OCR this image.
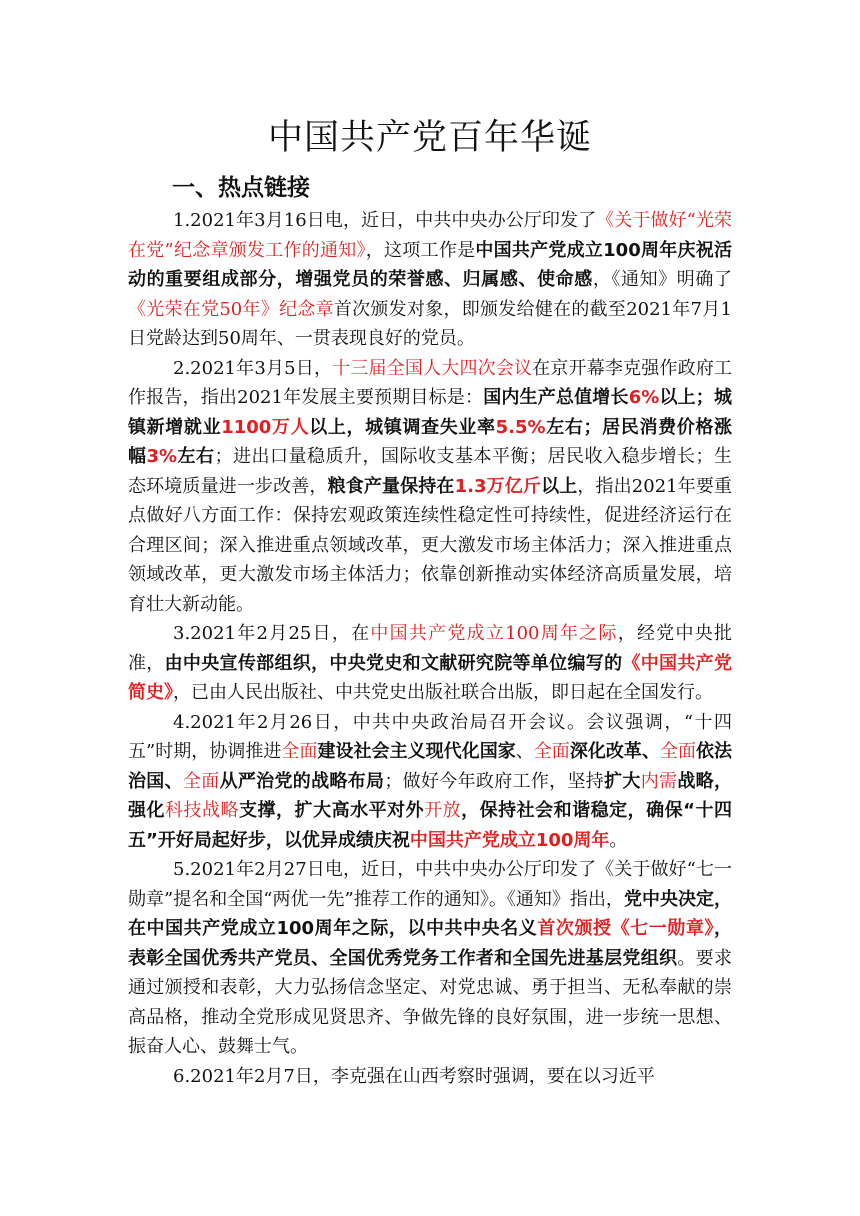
中国共产党百年华诞
一、热点链接

1.2021年3月16日电，近日，中共中央办公厅印发了《关于做好“光荣在党”纪念章颁发工作的通知》，这项工作是中国共产党成立100周年庆祝活动的重要组成部分，增强党员的荣誉感、归属感、使命感，《通知》明确了《光荣在党50年》纪念章首次颁发对象，即颁发给健在的截至2021年7月1日党龄达到50周年、一贯表现良好的党员。

2.2021年3月5日，十三届全国人大四次会议在京开幕李克强作政府工作报告，指出2021年发展主要预期目标是：国内生产总值增长6%以上；城镇新增就业1100万人以上，城镇调查失业率5.5%左右；居民消费价格涨幅3%左右；进出口量稳质升，国际收支基本平衡；居民收入稳步增长；生态环境质量进一步改善，粮食产量保持在1.3万亿斤以上，指出2021年要重点做好八方面工作：保持宏观政策连续性稳定性可持续性，促进经济运行在合理区间；深入推进重点领域改革，更大激发市场主体活力；深入推进重点领域改革，更大激发市场主体活力；依靠创新推动实体经济高质量发展，培育壮大新动能。

3.2021年2月25日，在中国共产党成立100周年之际，经党中央批准，由中央宣传部组织，中央党史和文献研究院等单位编写的《中国共产党简史》，已由人民出版社、中共党史出版社联合出版，即日起在全国发行。

4.2021年2月26日，中共中央政治局召开会议。会议强调，“十四五”时期，协调推进全面建设社会主义现代化国家、全面深化改革、全面依法治国、全面从严治党的战略布局；做好今年政府工作，坚持扩大内需战略，强化科技战略支撑，扩大高水平对外开放，保持社会和谐稳定，确保“十四五”开好局起好步，以优异成绩庆祝中国共产党成立100周年。

5.2021年2月27日电，近日，中共中央办公厅印发了《关于做好“七一勋章”提名和全国“两优一先”推荐工作的通知》。《通知》指出，党中央决定，在中国共产党成立100周年之际，以中共中央名义首次颁授《七一勋章》，表彰全国优秀共产党员、全国优秀党务工作者和全国先进基层党组织。要求通过颁授和表彰，大力弘扬信念坚定、对党忠诚、勇于担当、无私奉献的崇高品格，推动全党形成见贤思齐、争做先锋的良好氛围，进一步统一思想、振奋人心、鼓舞士气。

6.2021年2月7日，李克强在山西考察时强调，要在以习近平
